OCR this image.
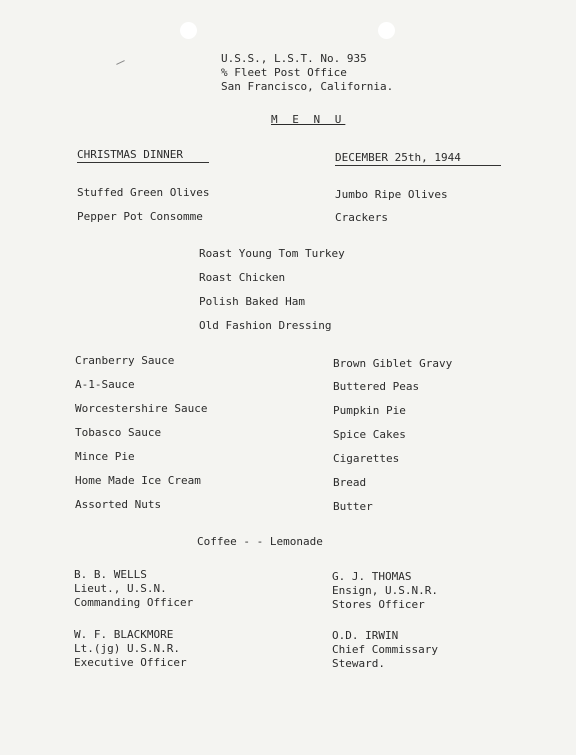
U.S.S., L.S.T. No. 935
% Fleet Post Office
San Francisco, California.
M E N U
CHRISTMAS DINNER	DECEMBER 25th, 1944
Stuffed Green Olives
Pepper Pot Consomme
Jumbo Ripe Olives
Crackers
Roast Young Tom Turkey
Roast Chicken
Polish Baked Ham
Old Fashion Dressing
Cranberry Sauce
A-1-Sauce
Worcestershire Sauce
Tobasco Sauce
Mince Pie
Home Made Ice Cream
Assorted Nuts
Brown Giblet Gravy
Buttered Peas
Pumpkin Pie
Spice Cakes
Cigarettes
Bread
Butter
Coffee - - Lemonade
B. B. WELLS
Lieut., U.S.N.
Commanding Officer
G. J. THOMAS
Ensign, U.S.N.R.
Stores Officer
W. F. BLACKMORE
Lt.(jg) U.S.N.R.
Executive Officer
O.D. IRWIN
Chief Commissary
Steward.
